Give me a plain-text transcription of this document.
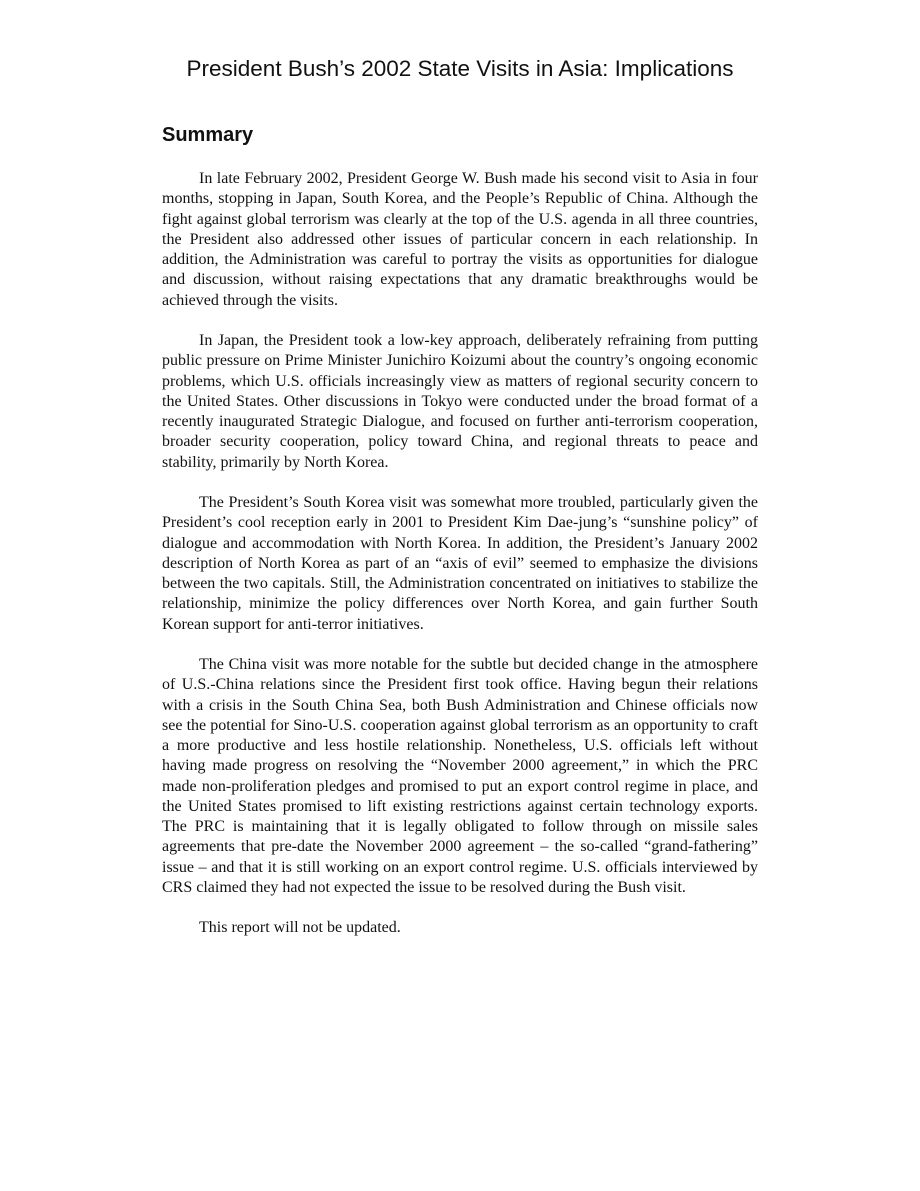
President Bush’s 2002 State Visits in Asia: Implications
Summary

In late February 2002, President George W. Bush made his second visit to Asia in four months, stopping in Japan, South Korea, and the People’s Republic of China. Although the fight against global terrorism was clearly at the top of the U.S. agenda in all three countries, the President also addressed other issues of particular concern in each relationship. In addition, the Administration was careful to portray the visits as opportunities for dialogue and discussion, without raising expectations that any dramatic breakthroughs would be achieved through the visits.

In Japan, the President took a low-key approach, deliberately refraining from putting public pressure on Prime Minister Junichiro Koizumi about the country’s ongoing economic problems, which U.S. officials increasingly view as matters of regional security concern to the United States. Other discussions in Tokyo were conducted under the broad format of a recently inaugurated Strategic Dialogue, and focused on further anti-terrorism cooperation, broader security cooperation, policy toward China, and regional threats to peace and stability, primarily by North Korea.

The President’s South Korea visit was somewhat more troubled, particularly given the President’s cool reception early in 2001 to President Kim Dae-jung’s “sunshine policy” of dialogue and accommodation with North Korea. In addition, the President’s January 2002 description of North Korea as part of an “axis of evil” seemed to emphasize the divisions between the two capitals. Still, the Administration concentrated on initiatives to stabilize the relationship, minimize the policy differences over North Korea, and gain further South Korean support for anti-terror initiatives.

The China visit was more notable for the subtle but decided change in the atmosphere of U.S.-China relations since the President first took office. Having begun their relations with a crisis in the South China Sea, both Bush Administration and Chinese officials now see the potential for Sino-U.S. cooperation against global terrorism as an opportunity to craft a more productive and less hostile relationship. Nonetheless, U.S. officials left without having made progress on resolving the “November 2000 agreement,” in which the PRC made non-proliferation pledges and promised to put an export control regime in place, and the United States promised to lift existing restrictions against certain technology exports. The PRC is maintaining that it is legally obligated to follow through on missile sales agreements that pre-date the November 2000 agreement – the so-called “grand-fathering” issue – and that it is still working on an export control regime. U.S. officials interviewed by CRS claimed they had not expected the issue to be resolved during the Bush visit.

This report will not be updated.
